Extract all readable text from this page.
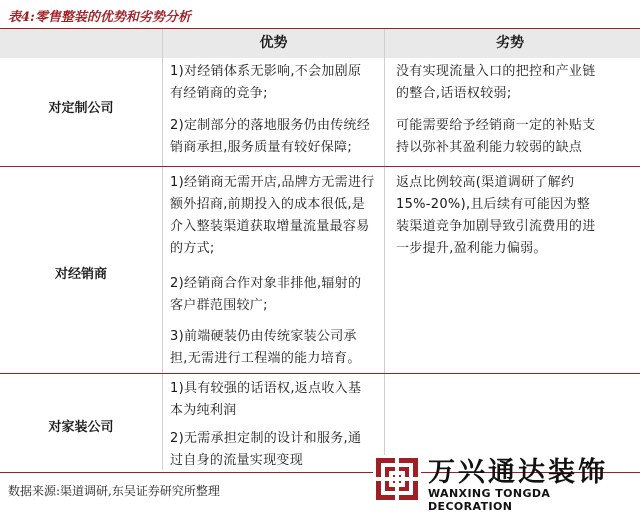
表4:零售整装的优势和劣势分析
优势	劣势
对定制公司
1)对经销体系无影响,不会加剧原
有经销商的竞争;
2)定制部分的落地服务仍由传统经
销商承担,服务质量有较好保障;
没有实现流量入口的把控和产业链
的整合,话语权较弱;
可能需要给予经销商一定的补贴支
持以弥补其盈利能力较弱的缺点
对经销商
1)经销商无需开店,品牌方无需进行
额外招商,前期投入的成本很低,是
介入整装渠道获取增量流量最容易
的方式;
2)经销商合作对象非排他,辐射的
客户群范围较广;
3)前端硬装仍由传统家装公司承
担,无需进行工程端的能力培育。
返点比例较高(渠道调研了解约
15%-20%),且后续有可能因为整
装渠道竞争加剧导致引流费用的进
一步提升,盈利能力偏弱。
对家装公司
1)具有较强的话语权,返点收入基
本为纯利润
2)无需承担定制的设计和服务,通
过自身的流量实现变现
数据来源:渠道调研,东吴证券研究所整理
万兴通达装饰
WANXING TONGDA DECORATION
